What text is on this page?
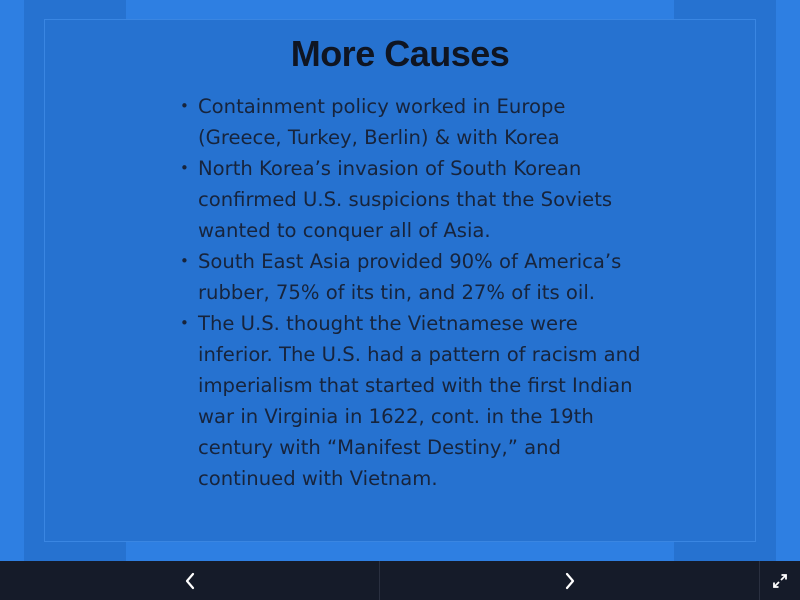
More Causes
• Containment policy worked in Europe (Greece, Turkey, Berlin) & with Korea
• North Korea’s invasion of South Korean confirmed U.S. suspicions that the Soviets wanted to conquer all of Asia.
• South East Asia provided 90% of America’s rubber, 75% of its tin, and 27% of its oil.
• The U.S. thought the Vietnamese were inferior. The U.S. had a pattern of racism and imperialism that started with the first Indian war in Virginia in 1622, cont. in the 19th century with “Manifest Destiny,” and continued with Vietnam.
